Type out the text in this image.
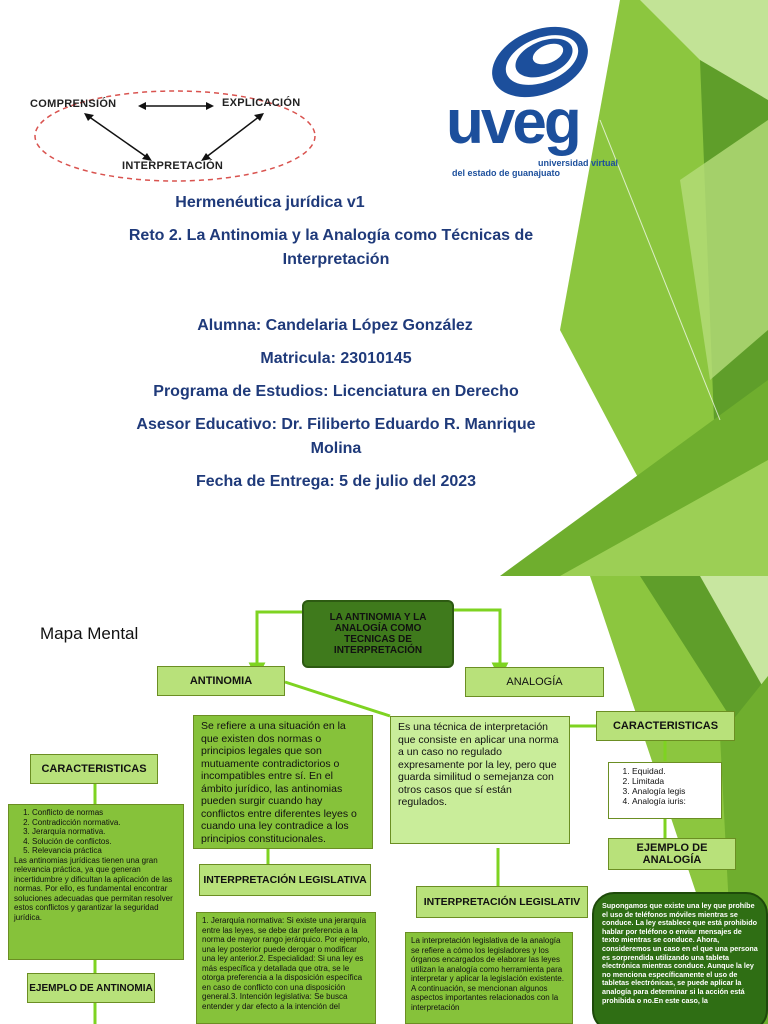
COMPRENSIÓN	EXPLICACIÓN
INTERPRETACIÓN
uveg
universidad virtual
del estado de guanajuato
Hermenéutica jurídica v1
Reto 2. La Antinomia y la Analogía como Técnicas de
Interpretación
Alumna: Candelaria López González
Matricula: 23010145
Programa de Estudios: Licenciatura en Derecho
Asesor Educativo: Dr. Filiberto Eduardo R. Manrique
Molina
Fecha de Entrega: 5 de julio del 2023
Mapa Mental
LA ANTINOMIA Y LA ANALOGÍA COMO TECNICAS DE INTERPRETACIÓN
ANTINOMIA	ANALOGÍA
Se refiere a una situación en la que existen dos normas o principios legales que son mutuamente contradictorios o incompatibles entre sí. En el ámbito jurídico, las antinomias pueden surgir cuando hay conflictos entre diferentes leyes o cuando una ley contradice a los principios constitucionales.
Es una técnica de interpretación que consiste en aplicar una norma a un caso no regulado expresamente por la ley, pero que guarda similitud o semejanza con otros casos que sí están regulados.
CARACTERISTICAS
CARACTERISTICAS
1. Conflicto de normas
2. Contradicción normativa.
3. Jerarquía normativa.
4. Solución de conflictos.
5. Relevancia práctica
Las antinomias jurídicas tienen una gran relevancia práctica, ya que generan incertidumbre y dificultan la aplicación de las normas. Por ello, es fundamental encontrar soluciones adecuadas que permitan resolver estos conflictos y garantizar la seguridad jurídica.
1. Equidad.
2. Limitada
3. Analogía legis
4. Analogía iuris:
EJEMPLO DE ANALOGÍA
INTERPRETACIÓN LEGISLATIVA
INTERPRETACIÓN LEGISLATIV
1. Jerarquía normativa: Si existe una jerarquía entre las leyes, se debe dar preferencia a la norma de mayor rango jerárquico. Por ejemplo, una ley posterior puede derogar o modificar una ley anterior.2. Especialidad: Si una ley es más específica y detallada que otra, se le otorga preferencia a la disposición específica en caso de conflicto con una disposición general.3. Intención legislativa: Se busca entender y dar efecto a la intención del
La interpretación legislativa de la analogía se refiere a cómo los legisladores y los órganos encargados de elaborar las leyes utilizan la analogía como herramienta para interpretar y aplicar la legislación existente. A continuación, se mencionan algunos aspectos importantes relacionados con la interpretación
EJEMPLO DE ANTINOMIA
Supongamos que existe una ley que prohíbe el uso de teléfonos móviles mientras se conduce. La ley establece que está prohibido hablar por teléfono o enviar mensajes de texto mientras se conduce. Ahora, consideremos un caso en el que una persona es sorprendida utilizando una tableta electrónica mientras conduce. Aunque la ley no menciona específicamente el uso de tabletas electrónicas, se puede aplicar la analogía para determinar si la acción está prohibida o no.En este caso, la
